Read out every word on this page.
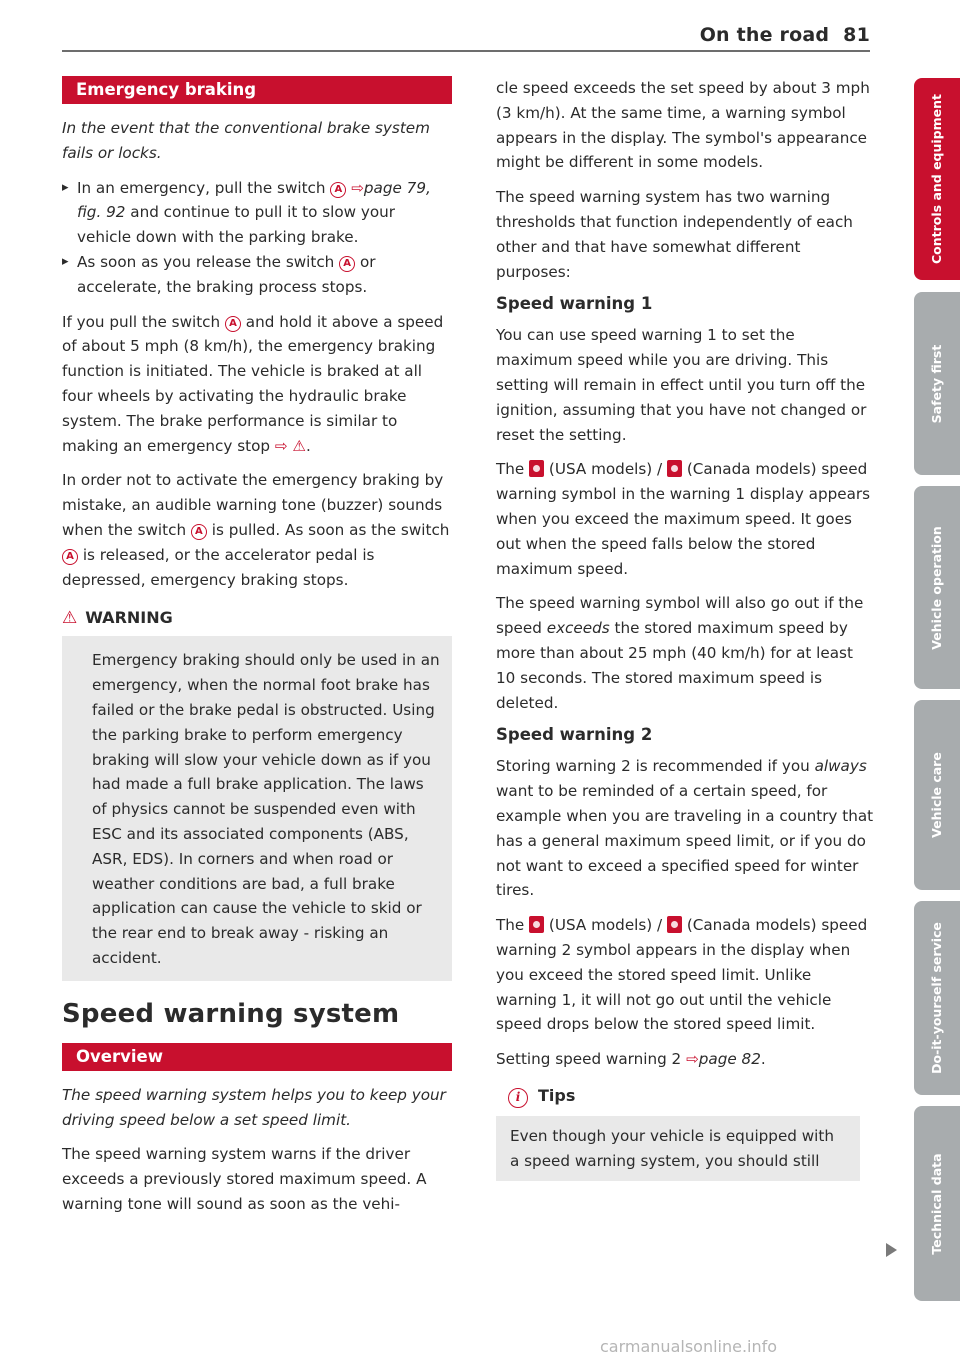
On the road 81
Emergency braking

In the event that the conventional brake system fails or locks.

▸ In an emergency, pull the switch A ⇨page 79, fig. 92 and continue to pull it to slow your vehicle down with the parking brake.

▸ As soon as you release the switch A or accelerate, the braking process stops.

If you pull the switch A and hold it above a speed of about 5 mph (8 km/h), the emergency braking function is initiated. The vehicle is braked at all four wheels by activating the hydraulic brake system. The brake performance is similar to making an emergency stop ⇨ ⚠.

In order not to activate the emergency braking by mistake, an audible warning tone (buzzer) sounds when the switch A is pulled. As soon as the switch A is released, or the accelerator pedal is depressed, emergency braking stops.

⚠ WARNING
Emergency braking should only be used in an emergency, when the normal foot brake has failed or the brake pedal is obstructed. Using the parking brake to perform emergency braking will slow your vehicle down as if you had made a full brake application. The laws of physics cannot be suspended even with ESC and its associated components (ABS, ASR, EDS). In corners and when road or weather conditions are bad, a full brake application can cause the vehicle to skid or the rear end to break away - risking an accident.
Speed warning system
Overview

The speed warning system helps you to keep your driving speed below a set speed limit.

The speed warning system warns if the driver exceeds a previously stored maximum speed. A warning tone will sound as soon as the vehi-

cle speed exceeds the set speed by about 3 mph (3 km/h). At the same time, a warning symbol appears in the display. The symbol's appearance might be different in some models.

The speed warning system has two warning thresholds that function independently of each other and that have somewhat different purposes:

Speed warning 1

You can use speed warning 1 to set the maximum speed while you are driving. This setting will remain in effect until you turn off the ignition, assuming that you have not changed or reset the setting.

The  (USA models) /  (Canada models) speed warning symbol in the warning 1 display appears when you exceed the maximum speed. It goes out when the speed falls below the stored maximum speed.

The speed warning symbol will also go out if the speed exceeds the stored maximum speed by more than about 25 mph (40 km/h) for at least 10 seconds. The stored maximum speed is deleted.

Speed warning 2

Storing warning 2 is recommended if you always want to be reminded of a certain speed, for example when you are traveling in a country that has a general maximum speed limit, or if you do not want to exceed a specified speed for winter tires.

The  (USA models) /  (Canada models) speed warning 2 symbol appears in the display when you exceed the stored speed limit. Unlike warning 1, it will not go out until the vehicle speed drops below the stored speed limit.

Setting speed warning 2 ⇨page 82.

i Tips
Even though your vehicle is equipped with a speed warning system, you should still
Controls and equipment
Safety first
Vehicle operation
Vehicle care
Do-it-yourself service
Technical data
carmanualsonline.info
